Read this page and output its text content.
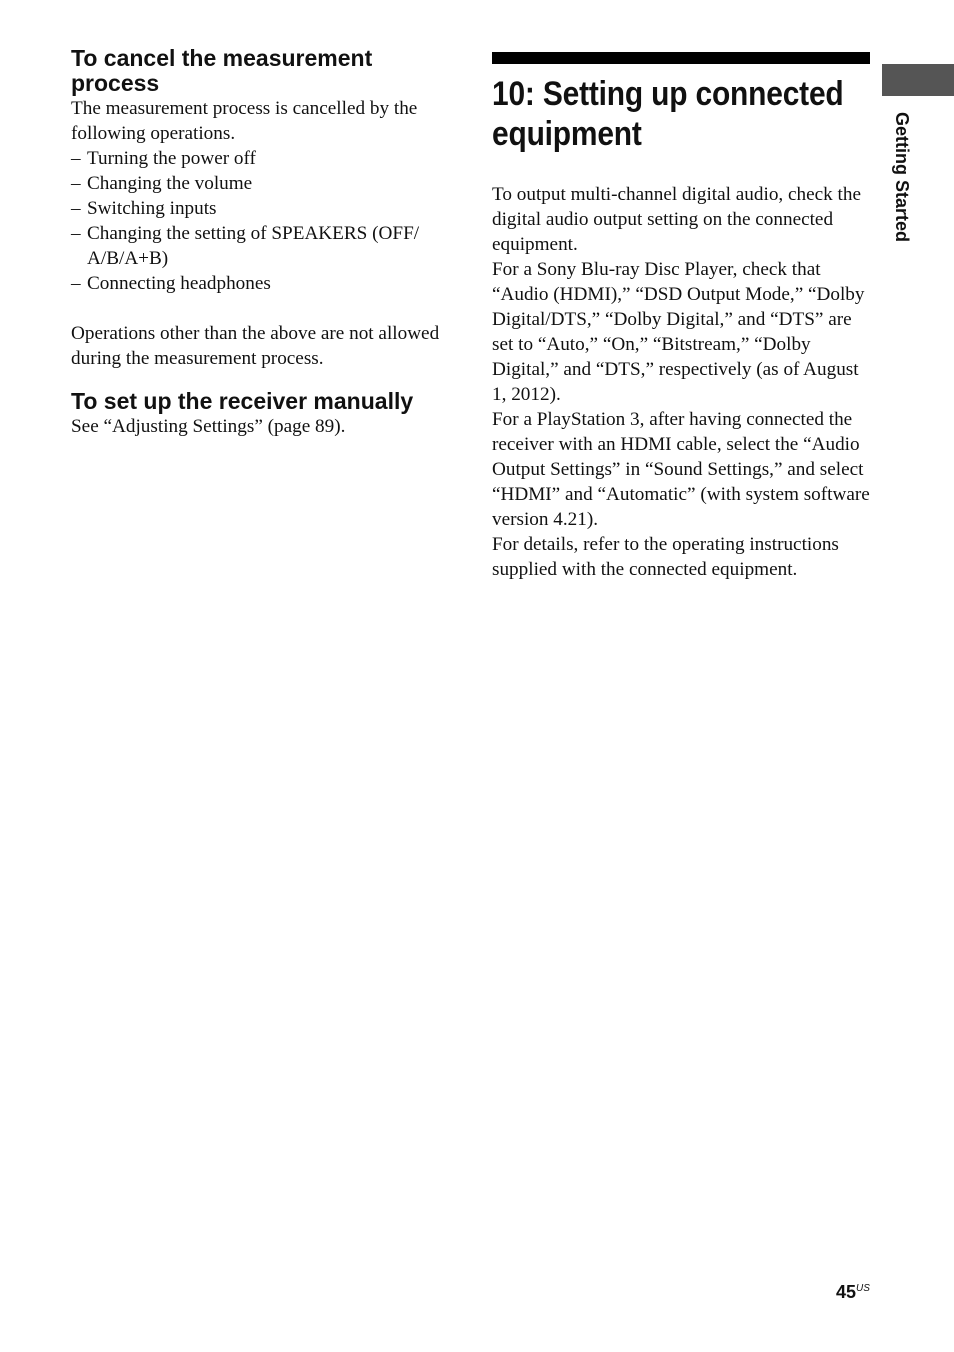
To cancel the measurement
process

The measurement process is cancelled by the following operations.

– Turning the power off
– Changing the volume
– Switching inputs
– Changing the setting of SPEAKERS (OFF/ A/B/A+B)
– Connecting headphones

Operations other than the above are not allowed during the measurement process.

To set up the receiver manually

See “Adjusting Settings” (page 89).

10: Setting up connected
equipment

To output multi-channel digital audio, check the digital audio output setting on the connected equipment.

For a Sony Blu-ray Disc Player, check that “Audio (HDMI),” “DSD Output Mode,” “Dolby Digital/DTS,” “Dolby Digital,” and “DTS” are set to “Auto,” “On,” “Bitstream,” “Dolby Digital,” and “DTS,” respectively (as of August 1, 2012).

For a PlayStation 3, after having connected the receiver with an HDMI cable, select the “Audio Output Settings” in “Sound Settings,” and select “HDMI” and “Automatic” (with system software version 4.21).

For details, refer to the operating instructions supplied with the connected equipment.

Getting Started
$45^{US}$
